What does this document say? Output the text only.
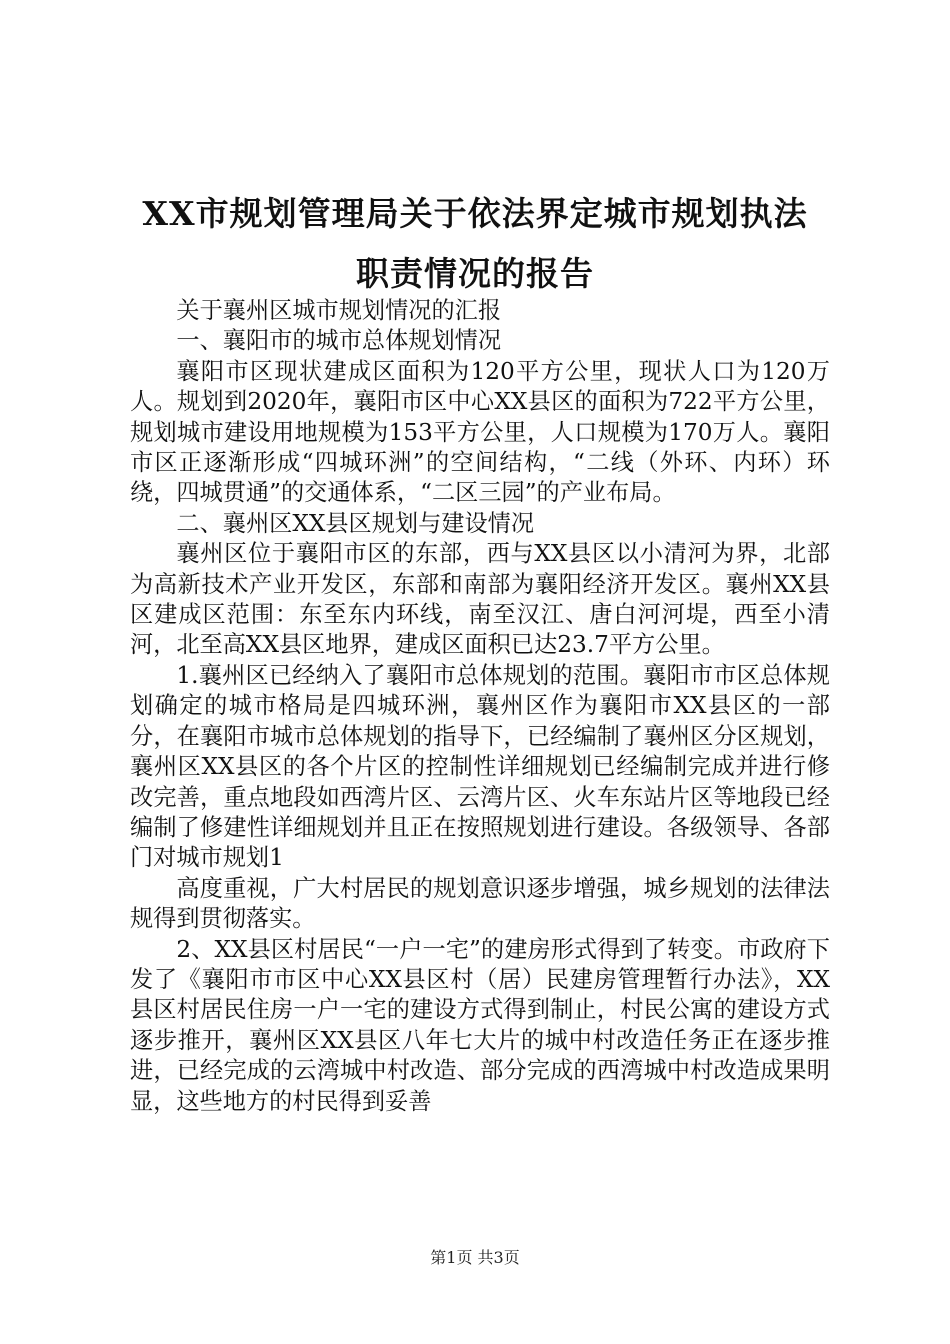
XX市规划管理局关于依法界定城市规划执法
职责情况的报告

关于襄州区城市规划情况的汇报

一、襄阳市的城市总体规划情况

襄阳市区现状建成区面积为120平方公里，现状人口为120万人。规划到2020年，襄阳市区中心XX县区的面积为722平方公里，规划城市建设用地规模为153平方公里，人口规模为170万人。襄阳市区正逐渐形成“四城环洲”的空间结构，“二线（外环、内环）环绕，四城贯通”的交通体系，“二区三园”的产业布局。

二、襄州区XX县区规划与建设情况

襄州区位于襄阳市区的东部，西与XX县区以小清河为界，北部为高新技术产业开发区，东部和南部为襄阳经济开发区。襄州XX县区建成区范围：东至东内环线，南至汉江、唐白河河堤，西至小清河，北至高XX县区地界，建成区面积已达23.7平方公里。

1.襄州区已经纳入了襄阳市总体规划的范围。襄阳市市区总体规划确定的城市格局是四城环洲，襄州区作为襄阳市XX县区的一部分，在襄阳市城市总体规划的指导下，已经编制了襄州区分区规划，襄州区XX县区的各个片区的控制性详细规划已经编制完成并进行修改完善，重点地段如西湾片区、云湾片区、火车东站片区等地段已经编制了修建性详细规划并且正在按照规划进行建设。各级领导、各部门对城市规划1

高度重视，广大村居民的规划意识逐步增强，城乡规划的法律法规得到贯彻落实。

2、XX县区村居民“一户一宅”的建房形式得到了转变。市政府下发了《襄阳市市区中心XX县区村（居）民建房管理暂行办法》，XX县区村居民住房一户一宅的建设方式得到制止，村民公寓的建设方式逐步推开，襄州区XX县区八年七大片的城中村改造任务正在逐步推进，已经完成的云湾城中村改造、部分完成的西湾城中村改造成果明显，这些地方的村民得到妥善

第1页 共3页
